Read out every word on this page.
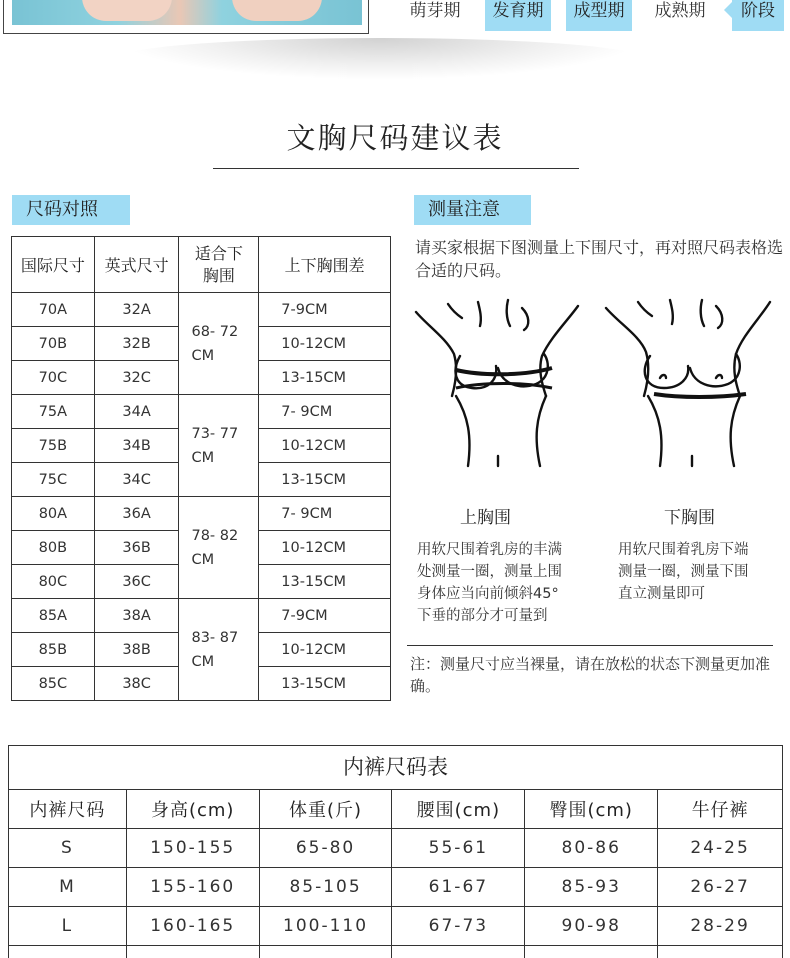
萌芽期	发育期	成型期	成熟期	阶段
文胸尺码建议表
尺码对照	测量注意
国际尺寸	英式尺寸	适合下胸围	上下胸围差
70A	32A	68- 72 CM	7-9CM
70B	32B		10-12CM
70C	32C		13-15CM
75A	34A	73- 77 CM	7- 9CM
75B	34B		10-12CM
75C	34C		13-15CM
80A	36A	78- 82 CM	7- 9CM
80B	36B		10-12CM
80C	36C		13-15CM
85A	38A	83- 87 CM	7-9CM
85B	38B		10-12CM
85C	38C		13-15CM
请买家根据下图测量上下围尺寸，再对照尺码表格选合适的尺码。
上胸围	下胸围
用软尺围着乳房的丰满
处测量一圈，测量上围
身体应当向前倾斜45°
下垂的部分才可量到
用软尺围着乳房下端
测量一圈，测量下围
直立测量即可
注：测量尺寸应当裸量，请在放松的状态下测量更加准确。
内裤尺码表
内裤尺码	身高(cm)	体重(斤)	腰围(cm)	臀围(cm)	牛仔裤
S	150-155	65-80	55-61	80-86	24-25
M	155-160	85-105	61-67	85-93	26-27
L	160-165	100-110	67-73	90-98	28-29
